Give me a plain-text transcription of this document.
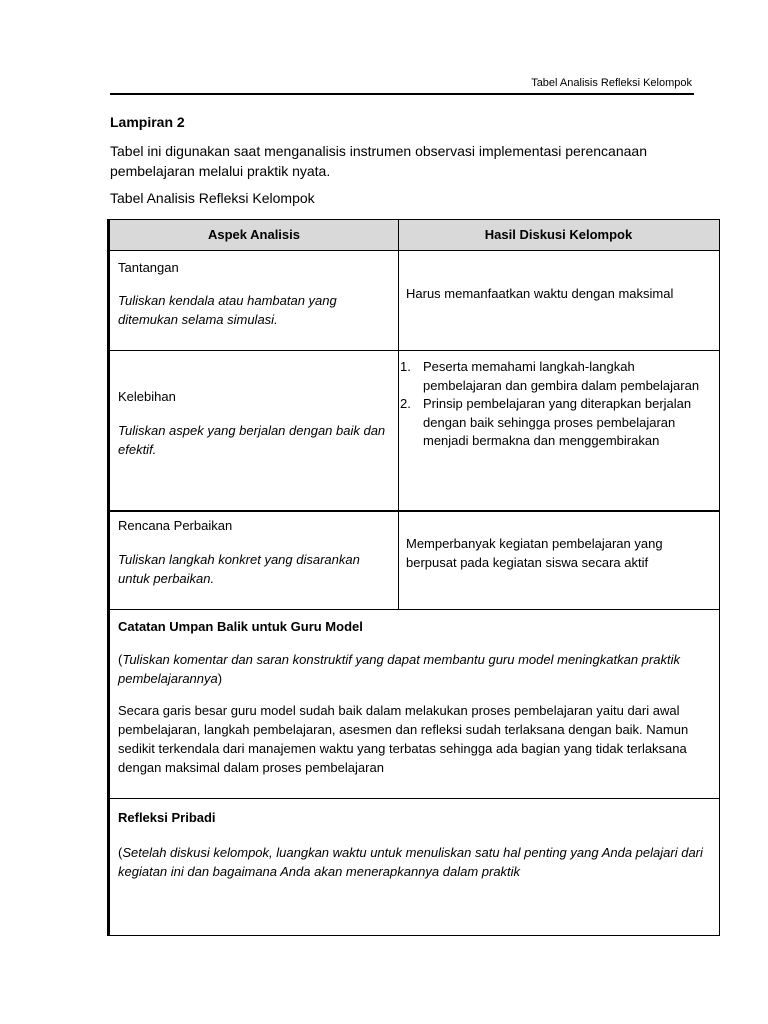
Tabel Analisis Refleksi Kelompok
Lampiran 2
Tabel ini digunakan saat menganalisis instrumen observasi implementasi perencanaan pembelajaran melalui praktik nyata.
Tabel Analisis Refleksi Kelompok
Aspek Analisis	Hasil Diskusi Kelompok
Tantangan
Tuliskan kendala atau hambatan yang ditemukan selama simulasi.
Harus memanfaatkan waktu dengan maksimal
Kelebihan
Tuliskan aspek yang berjalan dengan baik dan efektif.
1. Peserta memahami langkah-langkah pembelajaran dan gembira dalam pembelajaran
2. Prinsip pembelajaran yang diterapkan berjalan dengan baik sehingga proses pembelajaran menjadi bermakna dan menggembirakan
Rencana Perbaikan
Tuliskan langkah konkret yang disarankan untuk perbaikan.
Memperbanyak kegiatan pembelajaran yang berpusat pada kegiatan siswa secara aktif
Catatan Umpan Balik untuk Guru Model
(Tuliskan komentar dan saran konstruktif yang dapat membantu guru model meningkatkan praktik pembelajarannya)
Secara garis besar guru model sudah baik dalam melakukan proses pembelajaran yaitu dari awal pembelajaran, langkah pembelajaran, asesmen dan refleksi sudah terlaksana dengan baik. Namun sedikit terkendala dari manajemen waktu yang terbatas sehingga ada bagian yang tidak terlaksana dengan maksimal dalam proses pembelajaran
Refleksi Pribadi
(Setelah diskusi kelompok, luangkan waktu untuk menuliskan satu hal penting yang Anda pelajari dari kegiatan ini dan bagaimana Anda akan menerapkannya dalam praktik
